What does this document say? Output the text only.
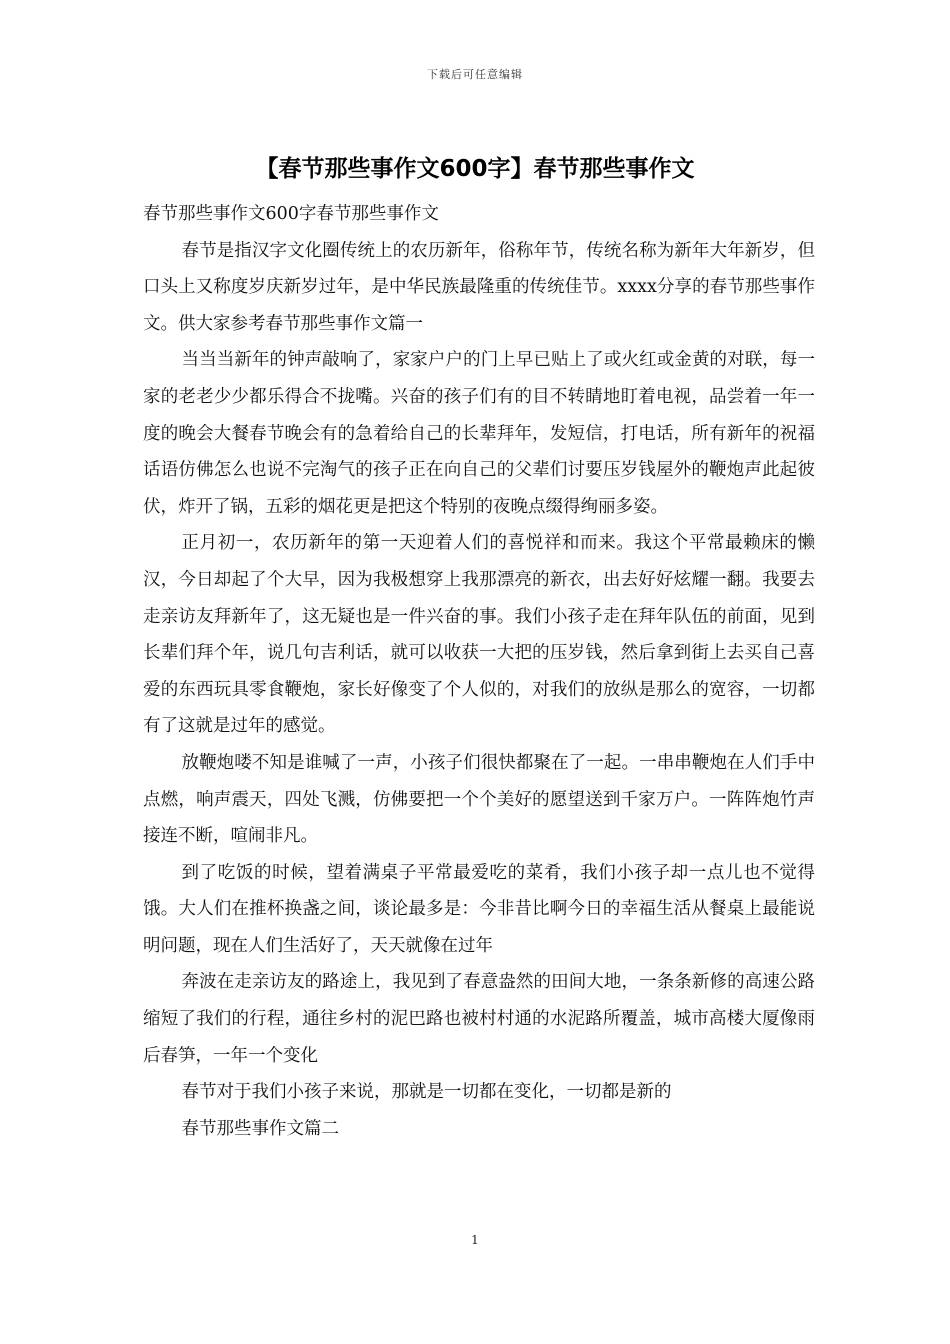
下载后可任意编辑
【春节那些事作文600字】春节那些事作文

春节那些事作文600字春节那些事作文

春节是指汉字文化圈传统上的农历新年，俗称年节，传统名称为新年大年新岁，但口头上又称度岁庆新岁过年，是中华民族最隆重的传统佳节。xxxx分享的春节那些事作文。供大家参考春节那些事作文篇一

当当当新年的钟声敲响了，家家户户的门上早已贴上了或火红或金黄的对联，每一家的老老少少都乐得合不拢嘴。兴奋的孩子们有的目不转睛地盯着电视，品尝着一年一度的晚会大餐春节晚会有的急着给自己的长辈拜年，发短信，打电话，所有新年的祝福话语仿佛怎么也说不完淘气的孩子正在向自己的父辈们讨要压岁钱屋外的鞭炮声此起彼伏，炸开了锅，五彩的烟花更是把这个特别的夜晚点缀得绚丽多姿。

正月初一，农历新年的第一天迎着人们的喜悦祥和而来。我这个平常最赖床的懒汉，今日却起了个大早，因为我极想穿上我那漂亮的新衣，出去好好炫耀一翻。我要去走亲访友拜新年了，这无疑也是一件兴奋的事。我们小孩子走在拜年队伍的前面，见到长辈们拜个年，说几句吉利话，就可以收获一大把的压岁钱，然后拿到街上去买自己喜爱的东西玩具零食鞭炮，家长好像变了个人似的，对我们的放纵是那么的宽容，一切都有了这就是过年的感觉。

放鞭炮喽不知是谁喊了一声，小孩子们很快都聚在了一起。一串串鞭炮在人们手中点燃，响声震天，四处飞溅，仿佛要把一个个美好的愿望送到千家万户。一阵阵炮竹声接连不断，喧闹非凡。

到了吃饭的时候，望着满桌子平常最爱吃的菜肴，我们小孩子却一点儿也不觉得饿。大人们在推杯换盏之间，谈论最多是：今非昔比啊今日的幸福生活从餐桌上最能说明问题，现在人们生活好了，天天就像在过年

奔波在走亲访友的路途上，我见到了春意盎然的田间大地，一条条新修的高速公路缩短了我们的行程，通往乡村的泥巴路也被村村通的水泥路所覆盖，城市高楼大厦像雨后春笋，一年一个变化

春节对于我们小孩子来说，那就是一切都在变化，一切都是新的

春节那些事作文篇二

1
